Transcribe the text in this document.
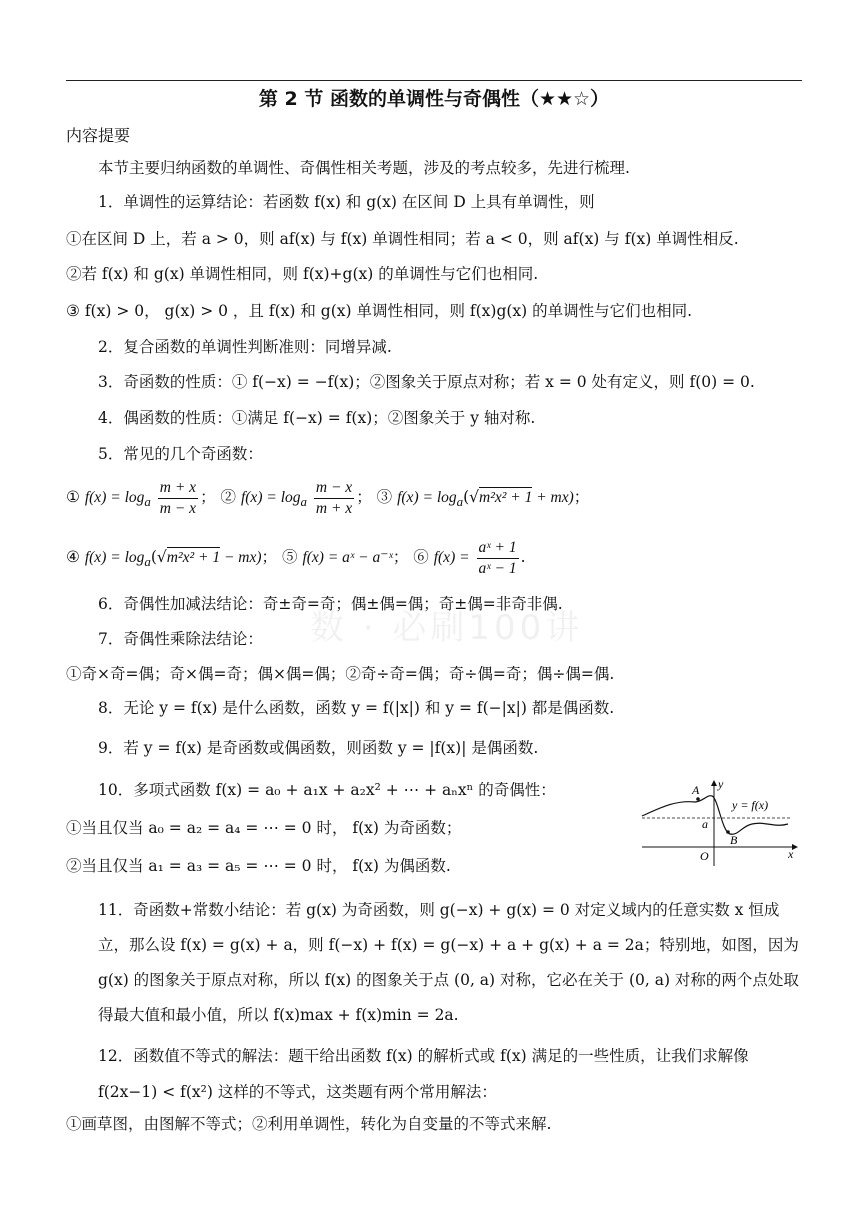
第 2 节 函数的单调性与奇偶性（★★☆）
内容提要
本节主要归纳函数的单调性、奇偶性相关考题，涉及的考点较多，先进行梳理.
1．单调性的运算结论：若函数 f(x) 和 g(x) 在区间 D 上具有单调性，则
①在区间 D 上，若 a > 0，则 af(x) 与 f(x) 单调性相同；若 a < 0，则 af(x) 与 f(x) 单调性相反.
②若 f(x) 和 g(x) 单调性相同，则 f(x)+g(x) 的单调性与它们也相同.
③ f(x) > 0， g(x) > 0 ，且 f(x) 和 g(x) 单调性相同，则 f(x)g(x) 的单调性与它们也相同.
2．复合函数的单调性判断准则：同增异减.
3．奇函数的性质：① f(−x) = −f(x)；②图象关于原点对称；若 x = 0 处有定义，则 f(0) = 0.
4．偶函数的性质：①满足 f(−x) = f(x)；②图象关于 y 轴对称.
5．常见的几个奇函数：
① $f(x) = \log_a \frac{m + x}{m - x}$ ； ② $f(x) = \log_a \frac{m - x}{m + x}$ ； ③ $f(x) = \log_a(√m^2x^2 + 1 + mx)$；
④ $f(x) = \log_a(√m^2x^2 + 1 - mx)$； ⑤ f(x) = aˣ − a⁻ˣ； ⑥ $f(x) = \frac{\text{aˣ + 1}}{\text{aˣ − 1}}$ .
数 · 必刷100讲
6．奇偶性加减法结论：奇±奇=奇；偶±偶=偶；奇±偶=非奇非偶.
7．奇偶性乘除法结论：
①奇×奇=偶；奇×偶=奇；偶×偶=偶；②奇÷奇=偶；奇÷偶=奇；偶÷偶=偶.
8．无论 y = f(x) 是什么函数，函数 y = f(|x|) 和 y = f(−|x|) 都是偶函数.
9．若 y = f(x) 是奇函数或偶函数，则函数 y = |f(x)| 是偶函数.
10．多项式函数 f(x) = a₀ + a₁x + a₂x² + ⋯ + aₙxⁿ 的奇偶性：
①当且仅当 a₀ = a₂ = a₄ = ⋯ = 0 时， f(x) 为奇函数；
②当且仅当 a₁ = a₃ = a₅ = ⋯ = 0 时， f(x) 为偶函数.
y
x
O
A
B
a
y = f(x)
11．奇函数+常数小结论：若 g(x) 为奇函数，则 g(−x) + g(x) = 0 对定义域内的任意实数 x 恒成立，那么设 f(x) = g(x) + a，则 f(−x) + f(x) = g(−x) + a + g(x) + a = 2a；特别地，如图，因为 g(x) 的图象关于原点对称，所以 f(x) 的图象关于点 (0, a) 对称，它必在关于 (0, a) 对称的两个点处取得最大值和最小值，所以 f(x)max + f(x)min = 2a.
12．函数值不等式的解法：题干给出函数 f(x) 的解析式或 f(x) 满足的一些性质，让我们求解像 f(2x−1) < f(x²) 这样的不等式，这类题有两个常用解法：
①画草图，由图解不等式；②利用单调性，转化为自变量的不等式来解.
